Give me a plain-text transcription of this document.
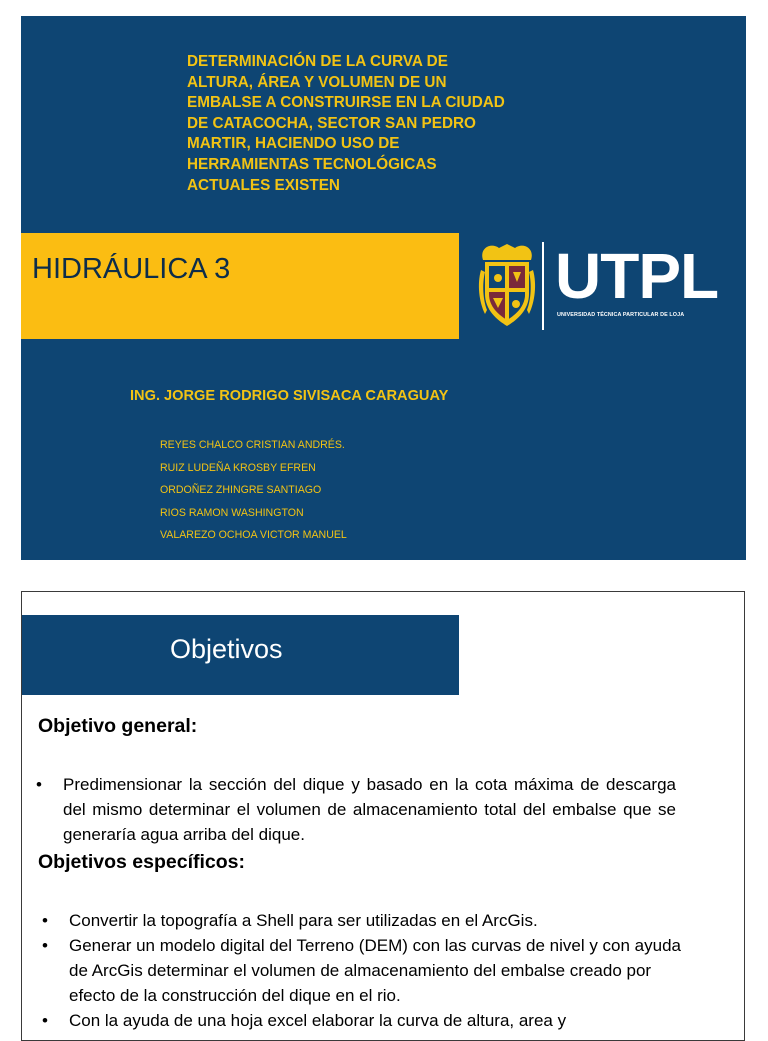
DETERMINACIÓN DE LA CURVA DE
ALTURA, ÁREA Y VOLUMEN DE UN
EMBALSE A CONSTRUIRSE EN LA CIUDAD
DE CATACOCHA, SECTOR SAN PEDRO
MARTIR, HACIENDO USO DE
HERRAMIENTAS TECNOLÓGICAS
ACTUALES EXISTEN
HIDRÁULICA 3	UTPL
UNIVERSIDAD TÉCNICA PARTICULAR DE LOJA
ING. JORGE RODRIGO SIVISACA CARAGUAY
REYES CHALCO CRISTIAN ANDRÉS.
RUIZ LUDEÑA KROSBY EFREN
ORDOÑEZ ZHINGRE SANTIAGO
RIOS RAMON WASHINGTON
VALAREZO OCHOA VICTOR MANUEL
Objetivos
Objetivo general:
• Predimensionar la sección del dique y basado en la cota máxima de descarga del mismo determinar el volumen de almacenamiento total del embalse que se generaría agua arriba del dique.
Objetivos específicos:
• Convertir la topografía a Shell para ser utilizadas en el ArcGis.
• Generar un modelo digital del Terreno (DEM) con las curvas de nivel y con ayuda de ArcGis determinar el volumen de almacenamiento del embalse creado por efecto de la construcción del dique en el rio.
• Con la ayuda de una hoja excel elaborar la curva de altura, area y
